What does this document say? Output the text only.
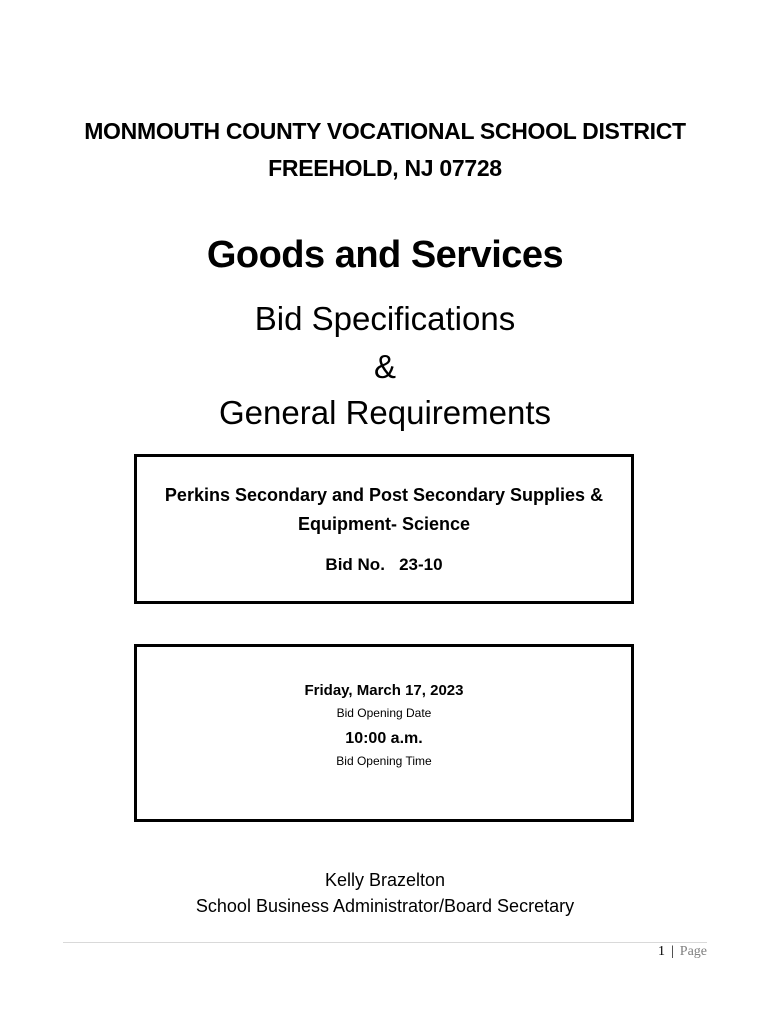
MONMOUTH COUNTY VOCATIONAL SCHOOL DISTRICT
FREEHOLD, NJ 07728
Goods and Services
Bid Specifications
&
General Requirements
Perkins Secondary and Post Secondary Supplies & Equipment- Science
Bid No.   23-10
Friday, March 17, 2023
Bid Opening Date
10:00 a.m.
Bid Opening Time
Kelly Brazelton
School Business Administrator/Board Secretary
1 | Page
